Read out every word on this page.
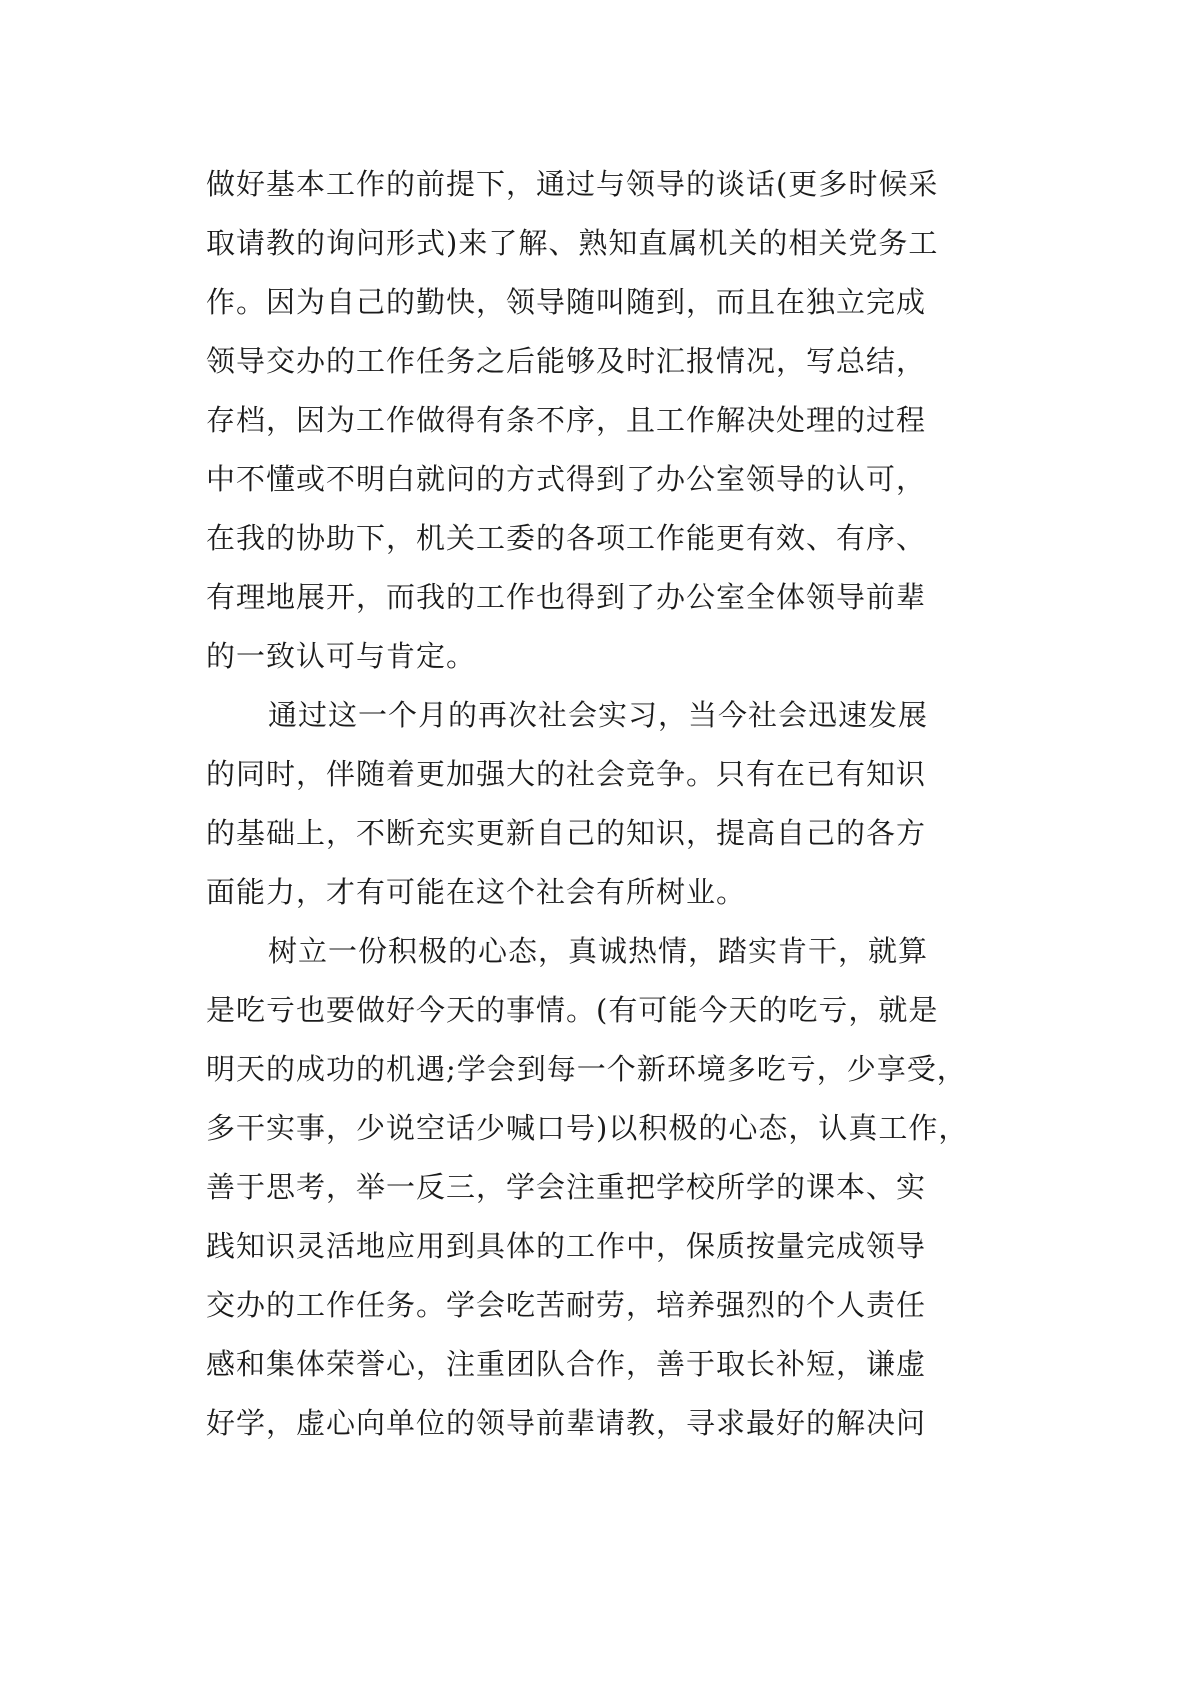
做好基本工作的前提下，通过与领导的谈话(更多时候采
取请教的询问形式)来了解、熟知直属机关的相关党务工
作。因为自己的勤快，领导随叫随到，而且在独立完成
领导交办的工作任务之后能够及时汇报情况，写总结，
存档，因为工作做得有条不序，且工作解决处理的过程
中不懂或不明白就问的方式得到了办公室领导的认可，
在我的协助下，机关工委的各项工作能更有效、有序、
有理地展开，而我的工作也得到了办公室全体领导前辈
的一致认可与肯定。

通过这一个月的再次社会实习，当今社会迅速发展
的同时，伴随着更加强大的社会竞争。只有在已有知识
的基础上，不断充实更新自己的知识，提高自己的各方
面能力，才有可能在这个社会有所树业。

树立一份积极的心态，真诚热情，踏实肯干，就算
是吃亏也要做好今天的事情。(有可能今天的吃亏，就是
明天的成功的机遇;学会到每一个新环境多吃亏，少享受，
多干实事，少说空话少喊口号)以积极的心态，认真工作，
善于思考，举一反三，学会注重把学校所学的课本、实
践知识灵活地应用到具体的工作中，保质按量完成领导
交办的工作任务。学会吃苦耐劳，培养强烈的个人责任
感和集体荣誉心，注重团队合作，善于取长补短，谦虚
好学，虚心向单位的领导前辈请教，寻求最好的解决问
